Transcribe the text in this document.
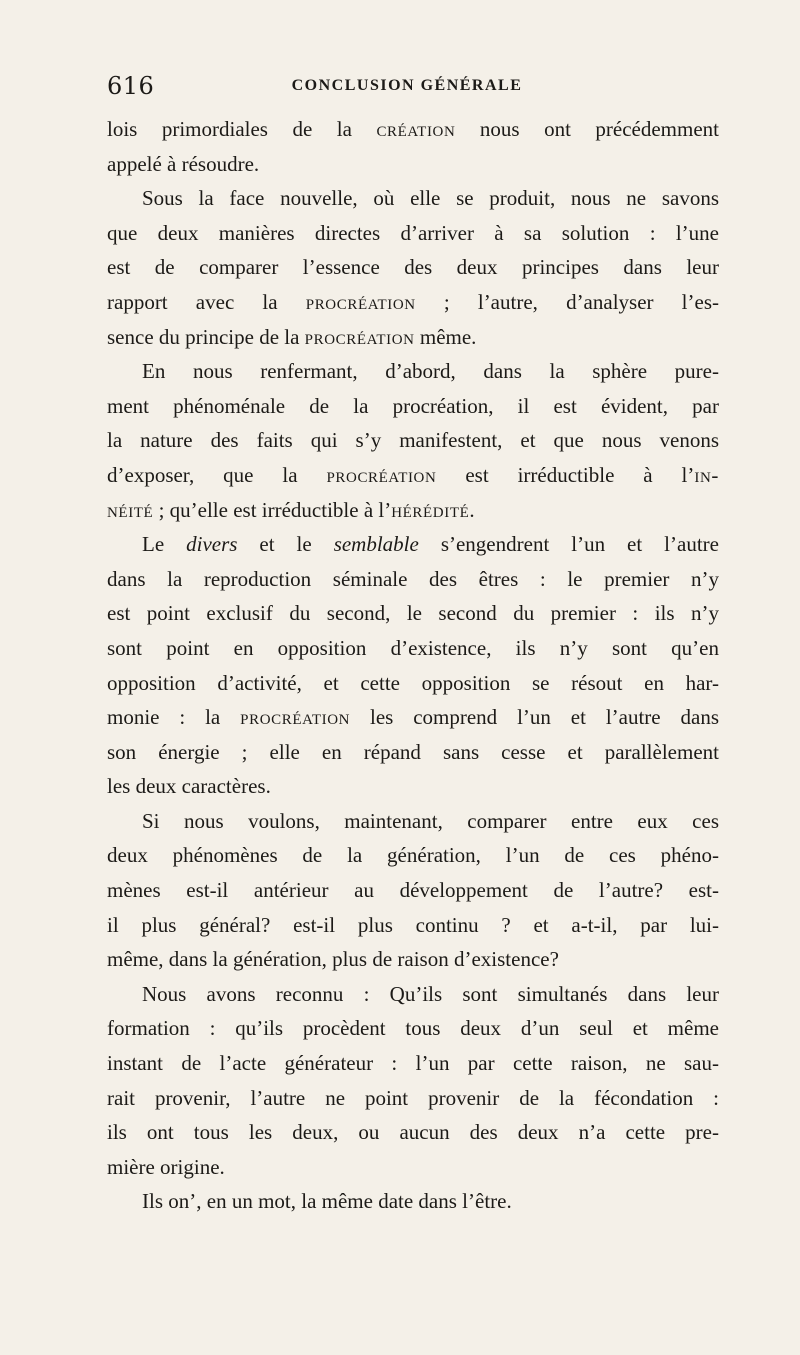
616	CONCLUSION GÉNÉRALE
lois primordiales de la création nous ont précédemment
appelé à résoudre.
Sous la face nouvelle, où elle se produit, nous ne savons
que deux manières directes d’arriver à sa solution : l’une
est de comparer l’essence des deux principes dans leur
rapport avec la procréation ; l’autre, d’analyser l’es-
sence du principe de la procréation même.
En nous renfermant, d’abord, dans la sphère pure-
ment phénoménale de la procréation, il est évident, par
la nature des faits qui s’y manifestent, et que nous venons
d’exposer, que la procréation est irréductible à l’in-
néité ; qu’elle est irréductible à l’hérédité.
Le divers et le semblable s’engendrent l’un et l’autre
dans la reproduction séminale des êtres : le premier n’y
est point exclusif du second, le second du premier : ils n’y
sont point en opposition d’existence, ils n’y sont qu’en
opposition d’activité, et cette opposition se résout en har-
monie : la procréation les comprend l’un et l’autre dans
son énergie ; elle en répand sans cesse et parallèlement
les deux caractères.
Si nous voulons, maintenant, comparer entre eux ces
deux phénomènes de la génération, l’un de ces phéno-
mènes est-il antérieur au développement de l’autre? est-
il plus général? est-il plus continu ? et a-t-il, par lui-
même, dans la génération, plus de raison d’existence?
Nous avons reconnu : Qu’ils sont simultanés dans leur
formation : qu’ils procèdent tous deux d’un seul et même
instant de l’acte générateur : l’un par cette raison, ne sau-
rait provenir, l’autre ne point provenir de la fécondation :
ils ont tous les deux, ou aucun des deux n’a cette pre-
mière origine.
Ils on’, en un mot, la même date dans l’être.
